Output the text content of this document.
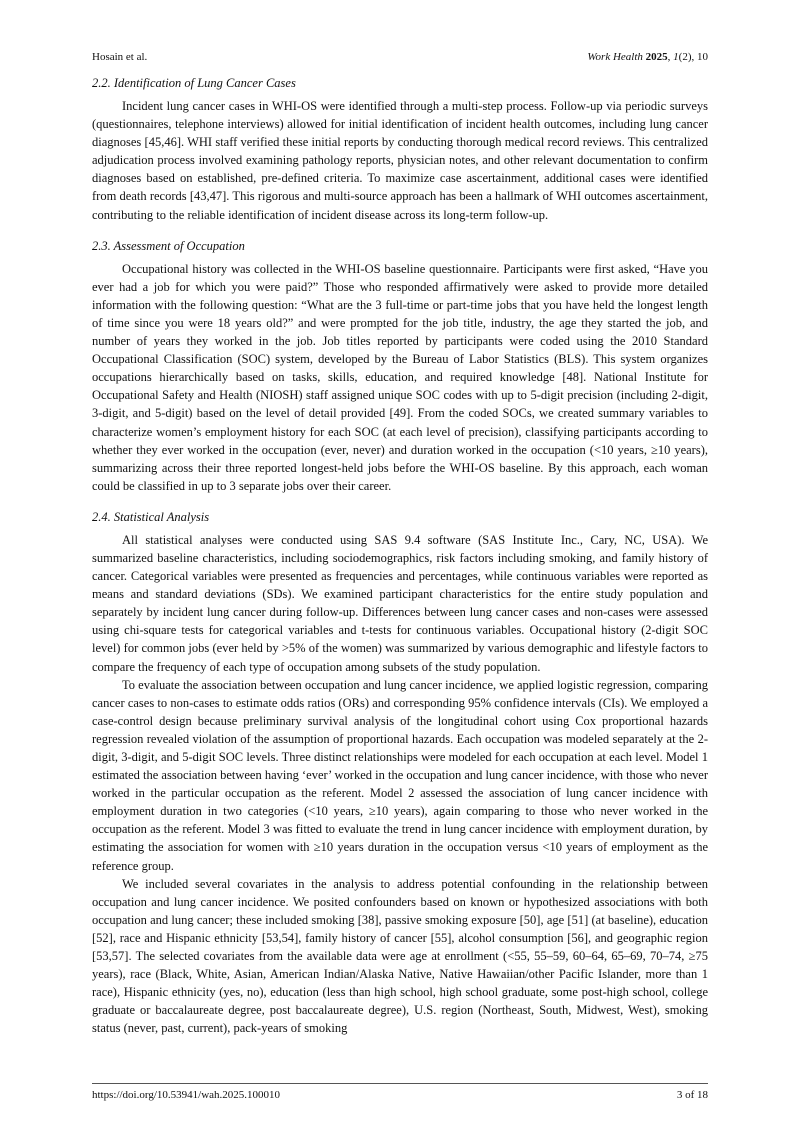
Hosain et al.	Work Health 2025, 1(2), 10

2.2. Identification of Lung Cancer Cases

Incident lung cancer cases in WHI-OS were identified through a multi-step process. Follow-up via periodic surveys (questionnaires, telephone interviews) allowed for initial identification of incident health outcomes, including lung cancer diagnoses [45,46]. WHI staff verified these initial reports by conducting thorough medical record reviews. This centralized adjudication process involved examining pathology reports, physician notes, and other relevant documentation to confirm diagnoses based on established, pre-defined criteria. To maximize case ascertainment, additional cases were identified from death records [43,47]. This rigorous and multi-source approach has been a hallmark of WHI outcomes ascertainment, contributing to the reliable identification of incident disease across its long-term follow-up.

2.3. Assessment of Occupation

Occupational history was collected in the WHI-OS baseline questionnaire. Participants were first asked, “Have you ever had a job for which you were paid?” Those who responded affirmatively were asked to provide more detailed information with the following question: “What are the 3 full-time or part-time jobs that you have held the longest length of time since you were 18 years old?” and were prompted for the job title, industry, the age they started the job, and number of years they worked in the job. Job titles reported by participants were coded using the 2010 Standard Occupational Classification (SOC) system, developed by the Bureau of Labor Statistics (BLS). This system organizes occupations hierarchically based on tasks, skills, education, and required knowledge [48]. National Institute for Occupational Safety and Health (NIOSH) staff assigned unique SOC codes with up to 5-digit precision (including 2-digit, 3-digit, and 5-digit) based on the level of detail provided [49]. From the coded SOCs, we created summary variables to characterize women’s employment history for each SOC (at each level of precision), classifying participants according to whether they ever worked in the occupation (ever, never) and duration worked in the occupation (<10 years, ≥10 years), summarizing across their three reported longest-held jobs before the WHI-OS baseline. By this approach, each woman could be classified in up to 3 separate jobs over their career.

2.4. Statistical Analysis

All statistical analyses were conducted using SAS 9.4 software (SAS Institute Inc., Cary, NC, USA). We summarized baseline characteristics, including sociodemographics, risk factors including smoking, and family history of cancer. Categorical variables were presented as frequencies and percentages, while continuous variables were reported as means and standard deviations (SDs). We examined participant characteristics for the entire study population and separately by incident lung cancer during follow-up. Differences between lung cancer cases and non-cases were assessed using chi-square tests for categorical variables and t-tests for continuous variables. Occupational history (2-digit SOC level) for common jobs (ever held by >5% of the women) was summarized by various demographic and lifestyle factors to compare the frequency of each type of occupation among subsets of the study population.

To evaluate the association between occupation and lung cancer incidence, we applied logistic regression, comparing cancer cases to non-cases to estimate odds ratios (ORs) and corresponding 95% confidence intervals (CIs). We employed a case-control design because preliminary survival analysis of the longitudinal cohort using Cox proportional hazards regression revealed violation of the assumption of proportional hazards. Each occupation was modeled separately at the 2-digit, 3-digit, and 5-digit SOC levels. Three distinct relationships were modeled for each occupation at each level. Model 1 estimated the association between having ‘ever’ worked in the occupation and lung cancer incidence, with those who never worked in the particular occupation as the referent. Model 2 assessed the association of lung cancer incidence with employment duration in two categories (<10 years, ≥10 years), again comparing to those who never worked in the occupation as the referent. Model 3 was fitted to evaluate the trend in lung cancer incidence with employment duration, by estimating the association for women with ≥10 years duration in the occupation versus <10 years of employment as the reference group.

We included several covariates in the analysis to address potential confounding in the relationship between occupation and lung cancer incidence. We posited confounders based on known or hypothesized associations with both occupation and lung cancer; these included smoking [38], passive smoking exposure [50], age [51] (at baseline), education [52], race and Hispanic ethnicity [53,54], family history of cancer [55], alcohol consumption [56], and geographic region [53,57]. The selected covariates from the available data were age at enrollment (<55, 55–59, 60–64, 65–69, 70–74, ≥75 years), race (Black, White, Asian, American Indian/Alaska Native, Native Hawaiian/other Pacific Islander, more than 1 race), Hispanic ethnicity (yes, no), education (less than high school, high school graduate, some post-high school, college graduate or baccalaureate degree, post baccalaureate degree), U.S. region (Northeast, South, Midwest, West), smoking status (never, past, current), pack-years of smoking

https://doi.org/10.53941/wah.2025.100010	3 of 18
